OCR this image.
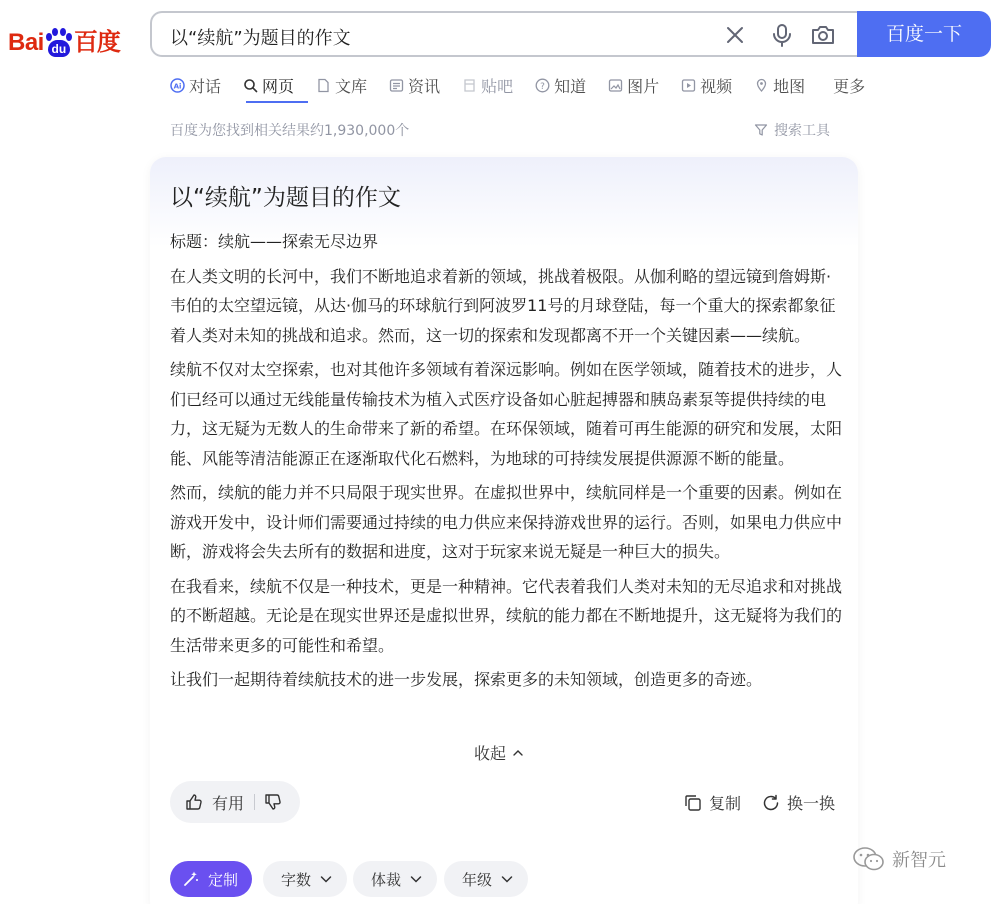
Bai du 百度	以“续航”为题目的作文	百度一下
Ai 对话	网页	文库	资讯	贴吧	? 知道	图片	视频	地图 更多
百度为您找到相关结果约1,930,000个	搜索工具
以“续航”为题目的作文

标题：续航——探索无尽边界

在人类文明的长河中，我们不断地追求着新的领域，挑战着极限。从伽利略的望远镜到詹姆斯·韦伯的太空望远镜，从达·伽马的环球航行到阿波罗11号的月球登陆，每一个重大的探索都象征着人类对未知的挑战和追求。然而，这一切的探索和发现都离不开一个关键因素——续航。

续航不仅对太空探索，也对其他许多领域有着深远影响。例如在医学领域，随着技术的进步，人们已经可以通过无线能量传输技术为植入式医疗设备如心脏起搏器和胰岛素泵等提供持续的电力，这无疑为无数人的生命带来了新的希望。在环保领域，随着可再生能源的研究和发展，太阳能、风能等清洁能源正在逐渐取代化石燃料，为地球的可持续发展提供源源不断的能量。

然而，续航的能力并不只局限于现实世界。在虚拟世界中，续航同样是一个重要的因素。例如在游戏开发中，设计师们需要通过持续的电力供应来保持游戏世界的运行。否则，如果电力供应中断，游戏将会失去所有的数据和进度，这对于玩家来说无疑是一种巨大的损失。

在我看来，续航不仅是一种技术，更是一种精神。它代表着我们人类对未知的无尽追求和对挑战的不断超越。无论是在现实世界还是虚拟世界，续航的能力都在不断地提升，这无疑将为我们的生活带来更多的可能性和希望。

让我们一起期待着续航技术的进一步发展，探索更多的未知领域，创造更多的奇迹。

收起
有用	复制	换一换
定制	字数	体裁	年级
新智元
